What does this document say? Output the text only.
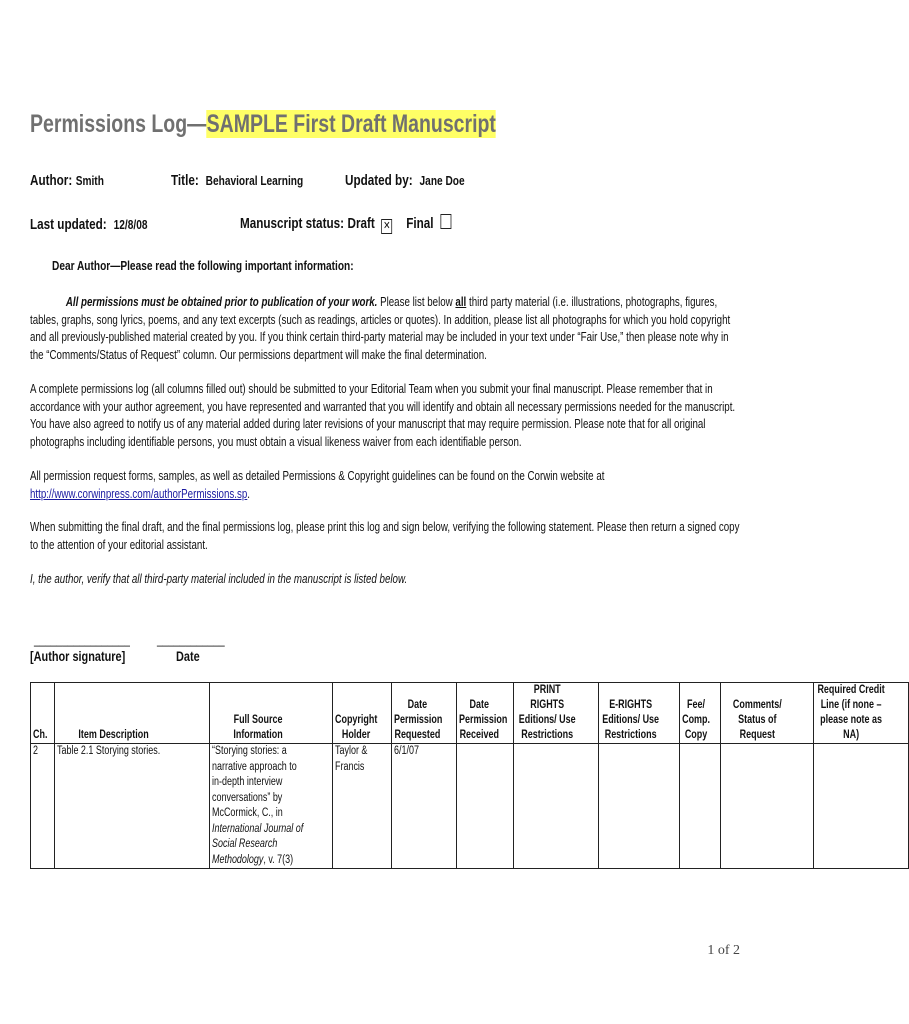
Permissions Log—SAMPLE First Draft Manuscript
Author: Smith	Title: Behavioral Learning	Updated by: Jane Doe
Last updated: 12/8/08	Manuscript status: Draft ✕ Final
Dear Author—Please read the following important information:
All permissions must be obtained prior to publication of your work. Please list below all third party material (i.e. illustrations, photographs, figures, tables, graphs, song lyrics, poems, and any text excerpts (such as readings, articles or quotes). In addition, please list all photographs for which you hold copyright and all previously-published material created by you. If you think certain third-party material may be included in your text under “Fair Use,” then please note why in the “Comments/Status of Request” column. Our permissions department will make the final determination.
A complete permissions log (all columns filled out) should be submitted to your Editorial Team when you submit your final manuscript. Please remember that in accordance with your author agreement, you have represented and warranted that you will identify and obtain all necessary permissions needed for the manuscript. You have also agreed to notify us of any material added during later revisions of your manuscript that may require permission. Please note that for all original photographs including identifiable persons, you must obtain a visual likeness waiver from each identifiable person.
All permission request forms, samples, as well as detailed Permissions & Copyright guidelines can be found on the Corwin website at
http://www.corwinpress.com/authorPermissions.sp.
When submitting the final draft, and the final permissions log, please print this log and sign below, verifying the following statement. Please then return a signed copy to the attention of your editorial assistant.
I, the author, verify that all third-party material included in the manuscript is listed below.
_________________ ____________
[Author signature]	Date
Ch.	Item Description	Full Source Information	Copyright Holder	Date Permission Requested	Date Permission Received	PRINT RIGHTS Editions/ Use Restrictions	E-RIGHTS Editions/ Use Restrictions	Fee/ Comp. Copy	Comments/ Status of Request	Required Credit Line (if none – please note as NA)

2	Table 2.1 Storying stories.	“Storying stories: a narrative approach to in-depth interview conversations” by McCormick, C., in International Journal of Social Research Methodology, v. 7(3)	Taylor & Francis	6/1/07						

1 of 2
